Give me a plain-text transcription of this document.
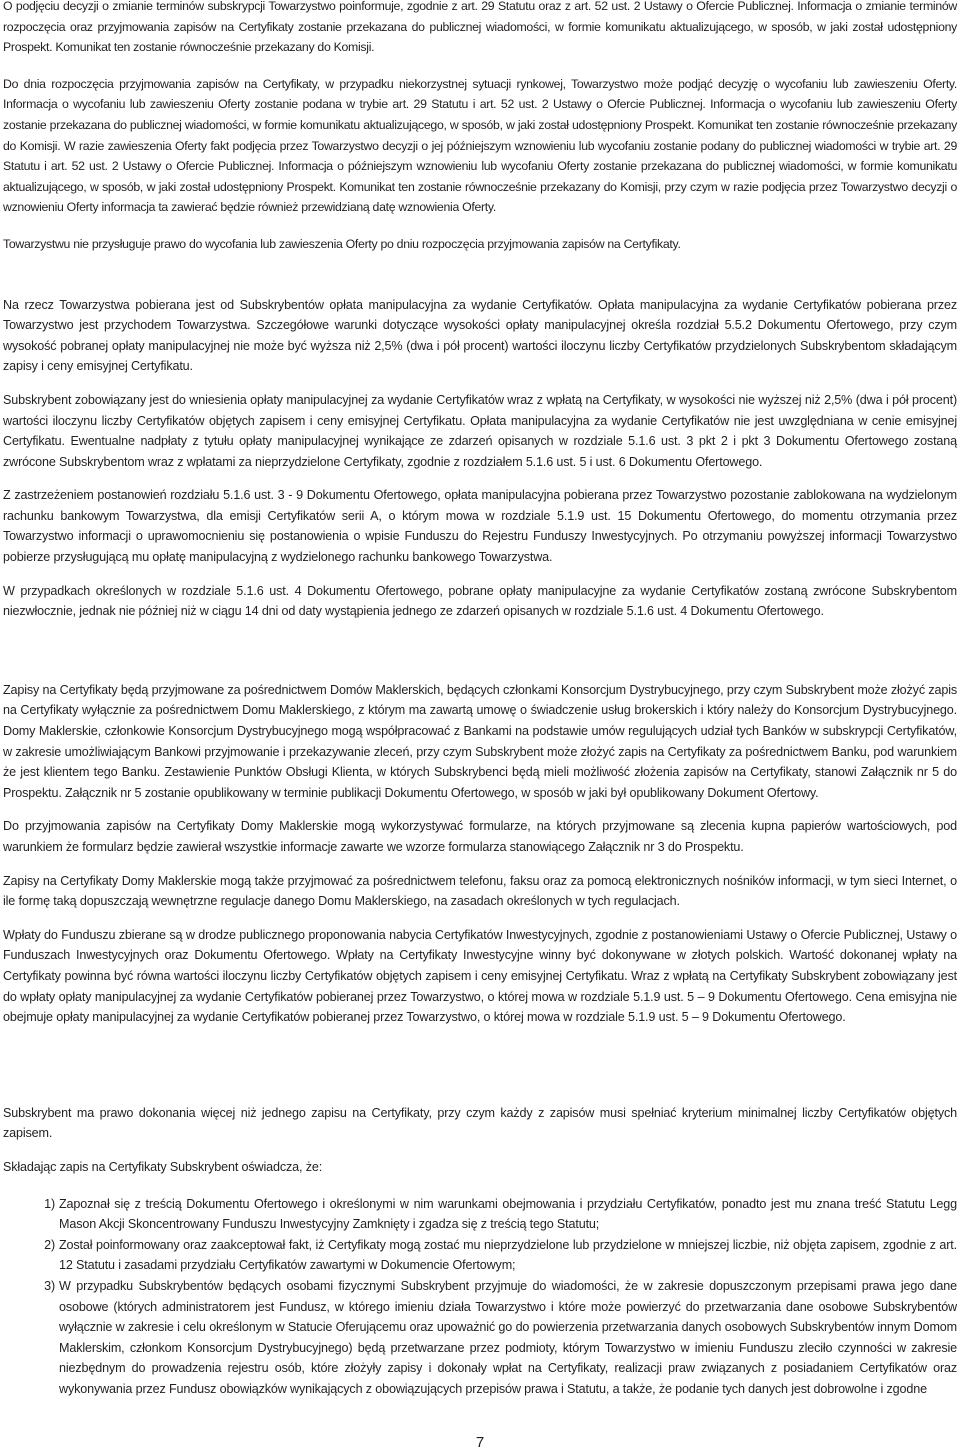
O podjęciu decyzji o zmianie terminów subskrypcji Towarzystwo poinformuje, zgodnie z art. 29 Statutu oraz z art. 52 ust. 2 Ustawy o Ofercie Publicznej. Informacja o zmianie terminów rozpoczęcia oraz przyjmowania zapisów na Certyfikaty zostanie przekazana do publicznej wiadomości, w formie komunikatu aktualizującego, w sposób, w jaki został udostępniony Prospekt. Komunikat ten zostanie równocześnie przekazany do Komisji.

Do dnia rozpoczęcia przyjmowania zapisów na Certyfikaty, w przypadku niekorzystnej sytuacji rynkowej, Towarzystwo może podjąć decyzję o wycofaniu lub zawieszeniu Oferty. Informacja o wycofaniu lub zawieszeniu Oferty zostanie podana w trybie art. 29 Statutu i art. 52 ust. 2 Ustawy o Ofercie Publicznej. Informacja o wycofaniu lub zawieszeniu Oferty zostanie przekazana do publicznej wiadomości, w formie komunikatu aktualizującego, w sposób, w jaki został udostępniony Prospekt. Komunikat ten zostanie równocześnie przekazany do Komisji. W razie zawieszenia Oferty fakt podjęcia przez Towarzystwo decyzji o jej późniejszym wznowieniu lub wycofaniu zostanie podany do publicznej wiadomości w trybie art. 29 Statutu i art. 52 ust. 2 Ustawy o Ofercie Publicznej. Informacja o późniejszym wznowieniu lub wycofaniu Oferty zostanie przekazana do publicznej wiadomości, w formie komunikatu aktualizującego, w sposób, w jaki został udostępniony Prospekt. Komunikat ten zostanie równocześnie przekazany do Komisji, przy czym w razie podjęcia przez Towarzystwo decyzji o wznowieniu Oferty informacja ta zawierać będzie również przewidzianą datę wznowienia Oferty.

Towarzystwu nie przysługuje prawo do wycofania lub zawieszenia Oferty po dniu rozpoczęcia przyjmowania zapisów na Certyfikaty.

Na rzecz Towarzystwa pobierana jest od Subskrybentów opłata manipulacyjna za wydanie Certyfikatów. Opłata manipulacyjna za wydanie Certyfikatów pobierana przez Towarzystwo jest przychodem Towarzystwa. Szczegółowe warunki dotyczące wysokości opłaty manipulacyjnej określa rozdział 5.5.2 Dokumentu Ofertowego, przy czym wysokość pobranej opłaty manipulacyjnej nie może być wyższa niż 2,5% (dwa i pół procent) wartości iloczynu liczby Certyfikatów przydzielonych Subskrybentom składającym zapisy i ceny emisyjnej Certyfikatu.

Subskrybent zobowiązany jest do wniesienia opłaty manipulacyjnej za wydanie Certyfikatów wraz z wpłatą na Certyfikaty, w wysokości nie wyższej niż 2,5% (dwa i pół procent) wartości iloczynu liczby Certyfikatów objętych zapisem i ceny emisyjnej Certyfikatu. Opłata manipulacyjna za wydanie Certyfikatów nie jest uwzględniana w cenie emisyjnej Certyfikatu. Ewentualne nadpłaty z tytułu opłaty manipulacyjnej wynikające ze zdarzeń opisanych w rozdziale 5.1.6 ust. 3 pkt 2 i pkt 3 Dokumentu Ofertowego zostaną zwrócone Subskrybentom wraz z wpłatami za nieprzydzielone Certyfikaty, zgodnie z rozdziałem 5.1.6 ust. 5 i ust. 6 Dokumentu Ofertowego.

Z zastrzeżeniem postanowień rozdziału 5.1.6 ust. 3 - 9 Dokumentu Ofertowego, opłata manipulacyjna pobierana przez Towarzystwo pozostanie zablokowana na wydzielonym rachunku bankowym Towarzystwa, dla emisji Certyfikatów serii A, o którym mowa w rozdziale 5.1.9 ust. 15 Dokumentu Ofertowego, do momentu otrzymania przez Towarzystwo informacji o uprawomocnieniu się postanowienia o wpisie Funduszu do Rejestru Funduszy Inwestycyjnych. Po otrzymaniu powyższej informacji Towarzystwo pobierze przysługującą mu opłatę manipulacyjną z wydzielonego rachunku bankowego Towarzystwa.

W przypadkach określonych w rozdziale 5.1.6 ust. 4 Dokumentu Ofertowego, pobrane opłaty manipulacyjne za wydanie Certyfikatów zostaną zwrócone Subskrybentom niezwłocznie, jednak nie później niż w ciągu 14 dni od daty wystąpienia jednego ze zdarzeń opisanych w rozdziale 5.1.6 ust. 4 Dokumentu Ofertowego.

Zapisy na Certyfikaty będą przyjmowane za pośrednictwem Domów Maklerskich, będących członkami Konsorcjum Dystrybucyjnego, przy czym Subskrybent może złożyć zapis na Certyfikaty wyłącznie za pośrednictwem Domu Maklerskiego, z którym ma zawartą umowę o świadczenie usług brokerskich i który należy do Konsorcjum Dystrybucyjnego. Domy Maklerskie, członkowie Konsorcjum Dystrybucyjnego mogą współpracować z Bankami na podstawie umów regulujących udział tych Banków w subskrypcji Certyfikatów, w zakresie umożliwiającym Bankowi przyjmowanie i przekazywanie zleceń, przy czym Subskrybent może złożyć zapis na Certyfikaty za pośrednictwem Banku, pod warunkiem że jest klientem tego Banku. Zestawienie Punktów Obsługi Klienta, w których Subskrybenci będą mieli możliwość złożenia zapisów na Certyfikaty, stanowi Załącznik nr 5 do Prospektu. Załącznik nr 5 zostanie opublikowany w terminie publikacji Dokumentu Ofertowego, w sposób w jaki był opublikowany Dokument Ofertowy.

Do przyjmowania zapisów na Certyfikaty Domy Maklerskie mogą wykorzystywać formularze, na których przyjmowane są zlecenia kupna papierów wartościowych, pod warunkiem że formularz będzie zawierał wszystkie informacje zawarte we wzorze formularza stanowiącego Załącznik nr 3 do Prospektu.

Zapisy na Certyfikaty Domy Maklerskie mogą także przyjmować za pośrednictwem telefonu, faksu oraz za pomocą elektronicznych nośników informacji, w tym sieci Internet, o ile formę taką dopuszczają wewnętrzne regulacje danego Domu Maklerskiego, na zasadach określonych w tych regulacjach.

Wpłaty do Funduszu zbierane są w drodze publicznego proponowania nabycia Certyfikatów Inwestycyjnych, zgodnie z postanowieniami Ustawy o Ofercie Publicznej, Ustawy o Funduszach Inwestycyjnych oraz Dokumentu Ofertowego. Wpłaty na Certyfikaty Inwestycyjne winny być dokonywane w złotych polskich. Wartość dokonanej wpłaty na Certyfikaty powinna być równa wartości iloczynu liczby Certyfikatów objętych zapisem i ceny emisyjnej Certyfikatu. Wraz z wpłatą na Certyfikaty Subskrybent zobowiązany jest do wpłaty opłaty manipulacyjnej za wydanie Certyfikatów pobieranej przez Towarzystwo, o której mowa w rozdziale 5.1.9 ust. 5 – 9 Dokumentu Ofertowego. Cena emisyjna nie obejmuje opłaty manipulacyjnej za wydanie Certyfikatów pobieranej przez Towarzystwo, o której mowa w rozdziale 5.1.9 ust. 5 – 9 Dokumentu Ofertowego.

Subskrybent ma prawo dokonania więcej niż jednego zapisu na Certyfikaty, przy czym każdy z zapisów musi spełniać kryterium minimalnej liczby Certyfikatów objętych zapisem.

Składając zapis na Certyfikaty Subskrybent oświadcza, że:

1) Zapoznał się z treścią Dokumentu Ofertowego i określonymi w nim warunkami obejmowania i przydziału Certyfikatów, ponadto jest mu znana treść Statutu Legg Mason Akcji Skoncentrowany Funduszu Inwestycyjny Zamknięty i zgadza się z treścią tego Statutu;
2) Został poinformowany oraz zaakceptował fakt, iż Certyfikaty mogą zostać mu nieprzydzielone lub przydzielone w mniejszej liczbie, niż objęta zapisem, zgodnie z art. 12 Statutu i zasadami przydziału Certyfikatów zawartymi w Dokumencie Ofertowym;
3) W przypadku Subskrybentów będących osobami fizycznymi Subskrybent przyjmuje do wiadomości, że w zakresie dopuszczonym przepisami prawa jego dane osobowe (których administratorem jest Fundusz, w którego imieniu działa Towarzystwo i które może powierzyć do przetwarzania dane osobowe Subskrybentów wyłącznie w zakresie i celu określonym w Statucie Oferującemu oraz upoważnić go do powierzenia przetwarzania danych osobowych Subskrybentów innym Domom Maklerskim, członkom Konsorcjum Dystrybucyjnego) będą przetwarzane przez podmioty, którym Towarzystwo w imieniu Funduszu zleciło czynności w zakresie niezbędnym do prowadzenia rejestru osób, które złożyły zapisy i dokonały wpłat na Certyfikaty, realizacji praw związanych z posiadaniem Certyfikatów oraz wykonywania przez Fundusz obowiązków wynikających z obowiązujących przepisów prawa i Statutu, a także, że podanie tych danych jest dobrowolne i zgodne
7
